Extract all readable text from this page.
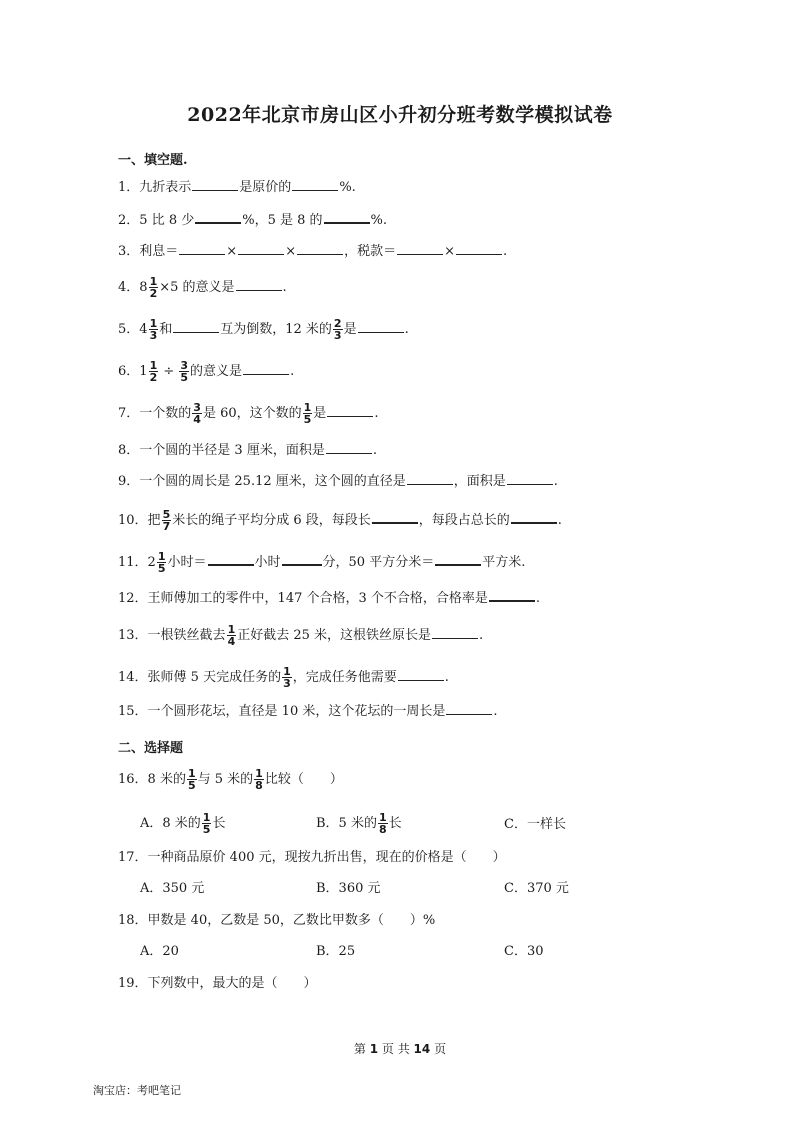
2022年北京市房山区小升初分班考数学模拟试卷
一、填空题.
1．九折表示	是原价的	%.
2．5 比 8 少	%，5 是 8 的	%.
3．利息＝	×	×	，税款＝	×	.
4．$8 \frac{1}{2} \times 5$ 的意义是	.
5．$4 \frac{1}{3}$ 和	互为倒数，12 米的 $\frac{2}{3}$ 是	.
6．$1 \frac{1}{2} \div \frac{3}{5}$ 的意义是	.
7．一个数的 $\frac{3}{4}$ 是 60，这个数的 $\frac{1}{5}$ 是	.
8．一个圆的半径是 3 厘米，面积是	.
9．一个圆的周长是 25.12 厘米，这个圆的直径是	，面积是	.
10．把 $\frac{5}{7}$ 米长的绳子平均分成 6 段，每段长	，每段占总长的	.
11．$2 \frac{1}{5}$ 小时＝	小时	分，50 平方分米＝	平方米.
12．王师傅加工的零件中，147 个合格，3 个不合格，合格率是	.
13．一根铁丝截去 $\frac{1}{4}$ 正好截去 25 米，这根铁丝原长是	.
14．张师傅 5 天完成任务的 $\frac{1}{3}$ ，完成任务他需要	.
15．一个圆形花坛，直径是 10 米，这个花坛的一周长是	.
二、选择题
16．8 米的 $\frac{1}{5}$ 与 5 米的 $\frac{1}{8}$ 比较（　　）
A．8 米的 $\frac{1}{5}$ 长	B．5 米的 $\frac{1}{8}$ 长	C．一样长
17．一种商品原价 400 元，现按九折出售，现在的价格是（　　）
A．350 元	B．360 元	C．370 元
18．甲数是 40，乙数是 50，乙数比甲数多（　　）%
A．20	B．25	C．30
19．下列数中，最大的是（　　）
第 1 页 共 14 页
淘宝店：考吧笔记
